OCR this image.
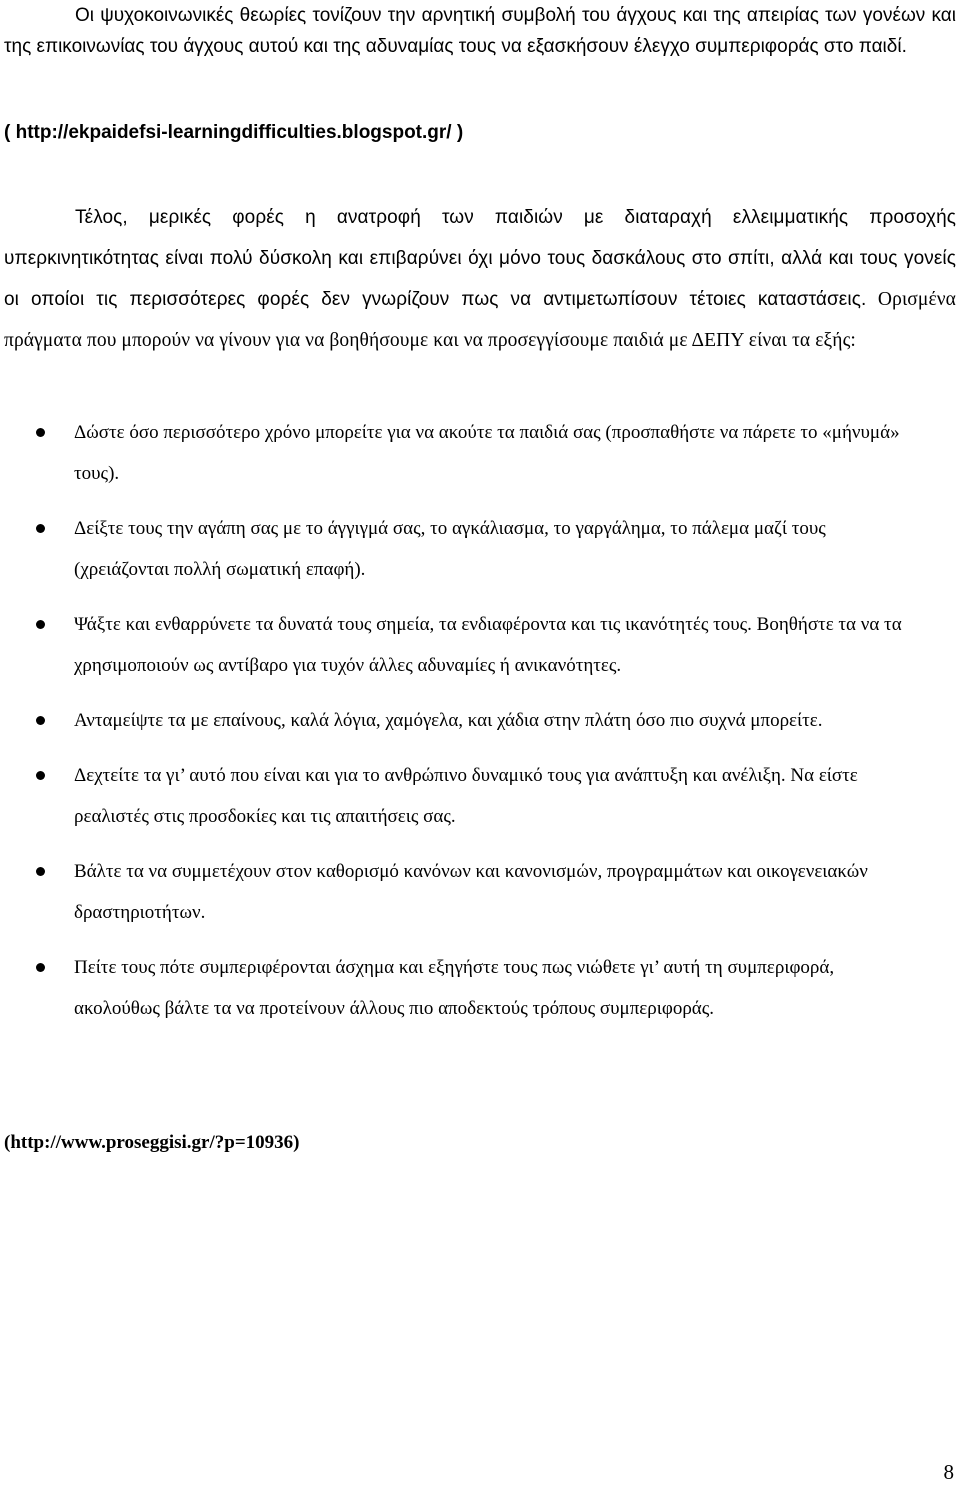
Οι ψυχοκοινωνικές θεωρίες τονίζουν την αρνητική συμβολή του άγχους και της απειρίας των γονέων και της επικοινωνίας του άγχους αυτού και της αδυναμίας τους να εξασκήσουν έλεγχο συμπεριφοράς στο παιδί.
( http://ekpaidefsi-learningdifficulties.blogspot.gr/ )
Τέλος, μερικές φορές η ανατροφή των παιδιών με διαταραχή ελλειμματικής προσοχής υπερκινητικότητας είναι πολύ δύσκολη και επιβαρύνει όχι μόνο τους δασκάλους στο σπίτι, αλλά και τους γονείς οι οποίοι τις περισσότερες φορές δεν γνωρίζουν πως να αντιμετωπίσουν τέτοιες καταστάσεις. Ορισμένα πράγματα που μπορούν να γίνουν για να βοηθήσουμε και να προσεγγίσουμε παιδιά με ΔΕΠΥ είναι τα εξής:
Δώστε όσο περισσότερο χρόνο μπορείτε για να ακούτε τα παιδιά σας (προσπαθήστε να πάρετε το «μήνυμά» τους).
Δείξτε τους την αγάπη σας με το άγγιγμά σας, το αγκάλιασμα, το γαργάλημα, το πάλεμα μαζί τους (χρειάζονται πολλή σωματική επαφή).
Ψάξτε και ενθαρρύνετε τα δυνατά τους σημεία, τα ενδιαφέροντα και τις ικανότητές τους. Βοηθήστε τα να τα χρησιμοποιούν ως αντίβαρο για τυχόν άλλες αδυναμίες ή ανικανότητες.
Ανταμείψτε τα με επαίνους, καλά λόγια, χαμόγελα, και χάδια στην πλάτη όσο πιο συχνά μπορείτε.
Δεχτείτε τα γι’ αυτό που είναι και για το ανθρώπινο δυναμικό τους για ανάπτυξη και ανέλιξη. Να είστε ρεαλιστές στις προσδοκίες και τις απαιτήσεις σας.
Βάλτε τα να συμμετέχουν στον καθορισμό κανόνων και κανονισμών, προγραμμάτων και οικογενειακών δραστηριοτήτων.
Πείτε τους πότε συμπεριφέρονται άσχημα και εξηγήστε τους πως νιώθετε γι’ αυτή τη συμπεριφορά, ακολούθως βάλτε τα να προτείνουν άλλους πιο αποδεκτούς τρόπους συμπεριφοράς.
(http://www.proseggisi.gr/?p=10936)
8
